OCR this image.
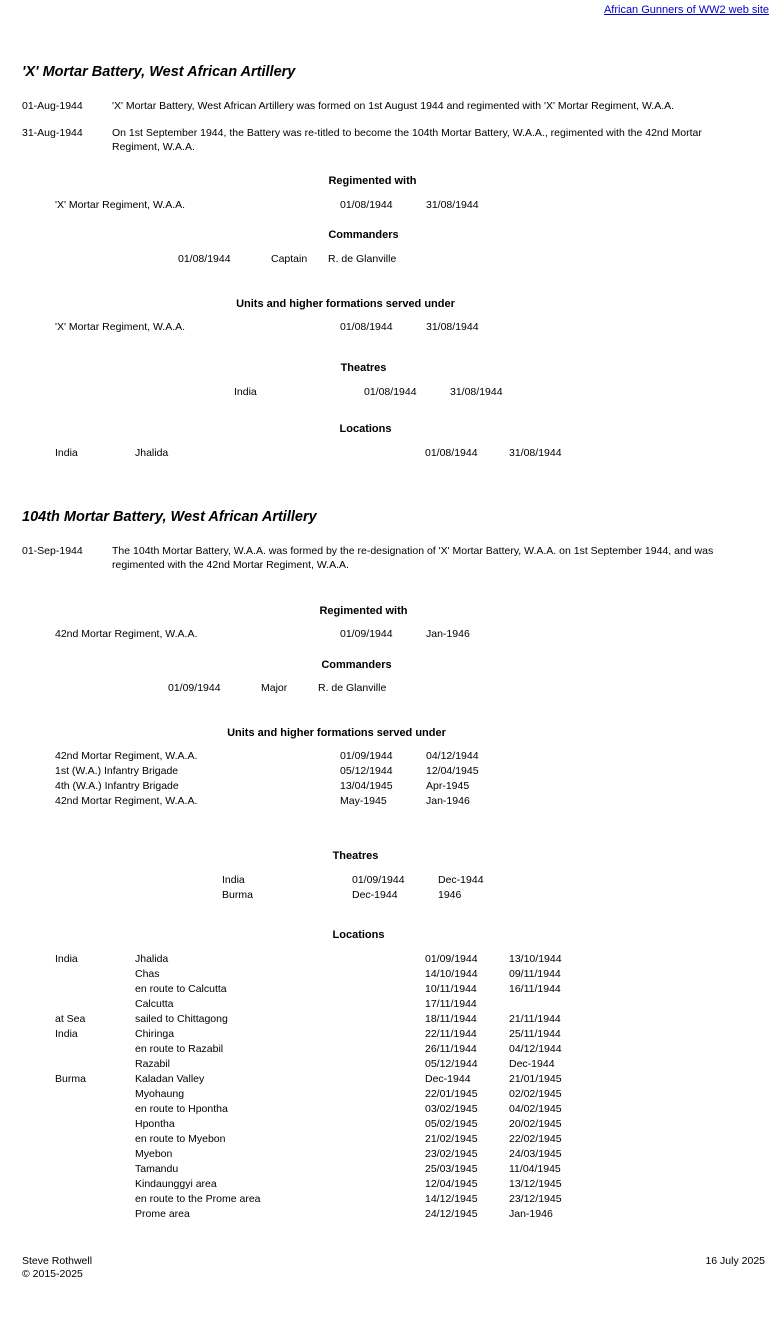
African Gunners of WW2 web site
'X' Mortar Battery, West African Artillery
01-Aug-1944	'X' Mortar Battery, West African Artillery was formed on 1st August 1944 and regimented with 'X' Mortar Regiment, W.A.A.
31-Aug-1944	On 1st September 1944, the Battery was re-titled to become the 104th Mortar Battery, W.A.A., regimented with the 42nd Mortar Regiment, W.A.A.
Regimented with
'X' Mortar Regiment, W.A.A.	01/08/1944	31/08/1944
Commanders
01/08/1944	Captain	R. de Glanville
Units and higher formations served under
'X' Mortar Regiment, W.A.A.	01/08/1944	31/08/1944
Theatres
India	01/08/1944	31/08/1944
Locations
India	Jhalida	01/08/1944	31/08/1944
104th Mortar Battery, West African Artillery
01-Sep-1944	The 104th Mortar Battery, W.A.A. was formed by the re-designation of 'X' Mortar Battery, W.A.A. on 1st September 1944, and was regimented with the 42nd Mortar Regiment, W.A.A.
Regimented with
42nd Mortar Regiment, W.A.A.	01/09/1944	Jan-1946
Commanders
01/09/1944	Major	R. de Glanville
Units and higher formations served under
42nd Mortar Regiment, W.A.A.	01/09/1944	04/12/1944
1st (W.A.) Infantry Brigade	05/12/1944	12/04/1945
4th (W.A.) Infantry Brigade	13/04/1945	Apr-1945
42nd Mortar Regiment, W.A.A.	May-1945	Jan-1946
Theatres
India	01/09/1944	Dec-1944
Burma	Dec-1944	1946
Locations
India	Jhalida	01/09/1944	13/10/1944
	Chas	14/10/1944	09/11/1944
	en route to Calcutta	10/11/1944	16/11/1944
	Calcutta	17/11/1944	
at Sea	sailed to Chittagong	18/11/1944	21/11/1944
India	Chiringa	22/11/1944	25/11/1944
	en route to Razabil	26/11/1944	04/12/1944
	Razabil	05/12/1944	Dec-1944
Burma	Kaladan Valley	Dec-1944	21/01/1945
	Myohaung	22/01/1945	02/02/1945
	en route to Hpontha	03/02/1945	04/02/1945
	Hpontha	05/02/1945	20/02/1945
	en route to Myebon	21/02/1945	22/02/1945
	Myebon	23/02/1945	24/03/1945
	Tamandu	25/03/1945	11/04/1945
	Kindaunggyi area	12/04/1945	13/12/1945
	en route to the Prome area	14/12/1945	23/12/1945
	Prome area	24/12/1945	Jan-1946
Steve Rothwell
© 2015-2025
16 July 2025
